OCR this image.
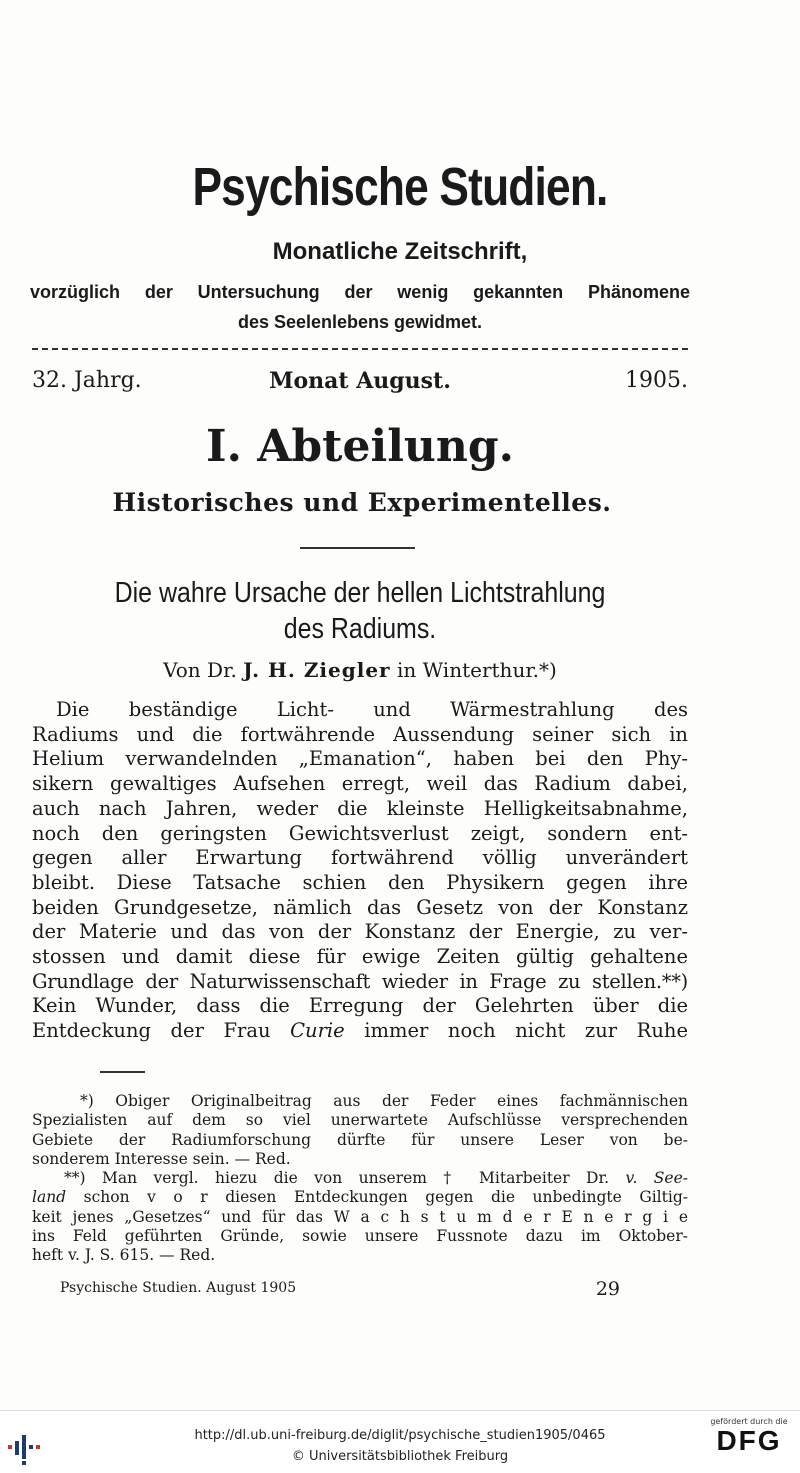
Psychische Studien.
Monatliche Zeitschrift,
vorzüglich der Untersuchung der wenig gekannten Phänomene
des Seelenlebens gewidmet.
32. Jahrg.	Monat August.	1905.
I. Abteilung.
Historisches und Experimentelles.
Die wahre Ursache der hellen Lichtstrahlung
des Radiums.
Von Dr. J. H. Ziegler in Winterthur.*)
Die beständige Licht- und Wärmestrahlung des
Radiums und die fortwährende Aussendung seiner sich in
Helium verwandelnden „Emanation“, haben bei den Phy-
sikern gewaltiges Aufsehen erregt, weil das Radium dabei,
auch nach Jahren, weder die kleinste Helligkeitsabnahme,
noch den geringsten Gewichtsverlust zeigt, sondern ent-
gegen aller Erwartung fortwährend völlig unverändert
bleibt. Diese Tatsache schien den Physikern gegen ihre
beiden Grundgesetze, nämlich das Gesetz von der Konstanz
der Materie und das von der Konstanz der Energie, zu ver-
stossen und damit diese für ewige Zeiten gültig gehaltene
Grundlage der Naturwissenschaft wieder in Frage zu stellen.**)
Kein Wunder, dass die Erregung der Gelehrten über die
Entdeckung der Frau Curie immer noch nicht zur Ruhe
*) Obiger Originalbeitrag aus der Feder eines fachmännischen
Spezialisten auf dem so viel unerwartete Aufschlüsse versprechenden
Gebiete der Radiumforschung dürfte für unsere Leser von be-
sonderem Interesse sein. — Red.
**) Man vergl. hiezu die von unserem † Mitarbeiter Dr. v. See-
land schon v o r diesen Entdeckungen gegen die unbedingte Giltig-
keit jenes „Gesetzes“ und für das W a c h s t u m d e r E n e r g i e
ins Feld geführten Gründe, sowie unsere Fussnote dazu im Oktober-
heft v. J. S. 615. — Red.
Psychische Studien. August 1905	29
http://dl.ub.uni-freiburg.de/diglit/psychische_studien1905/0465
© Universitätsbibliothek Freiburg
gefördert durch die
DFG
